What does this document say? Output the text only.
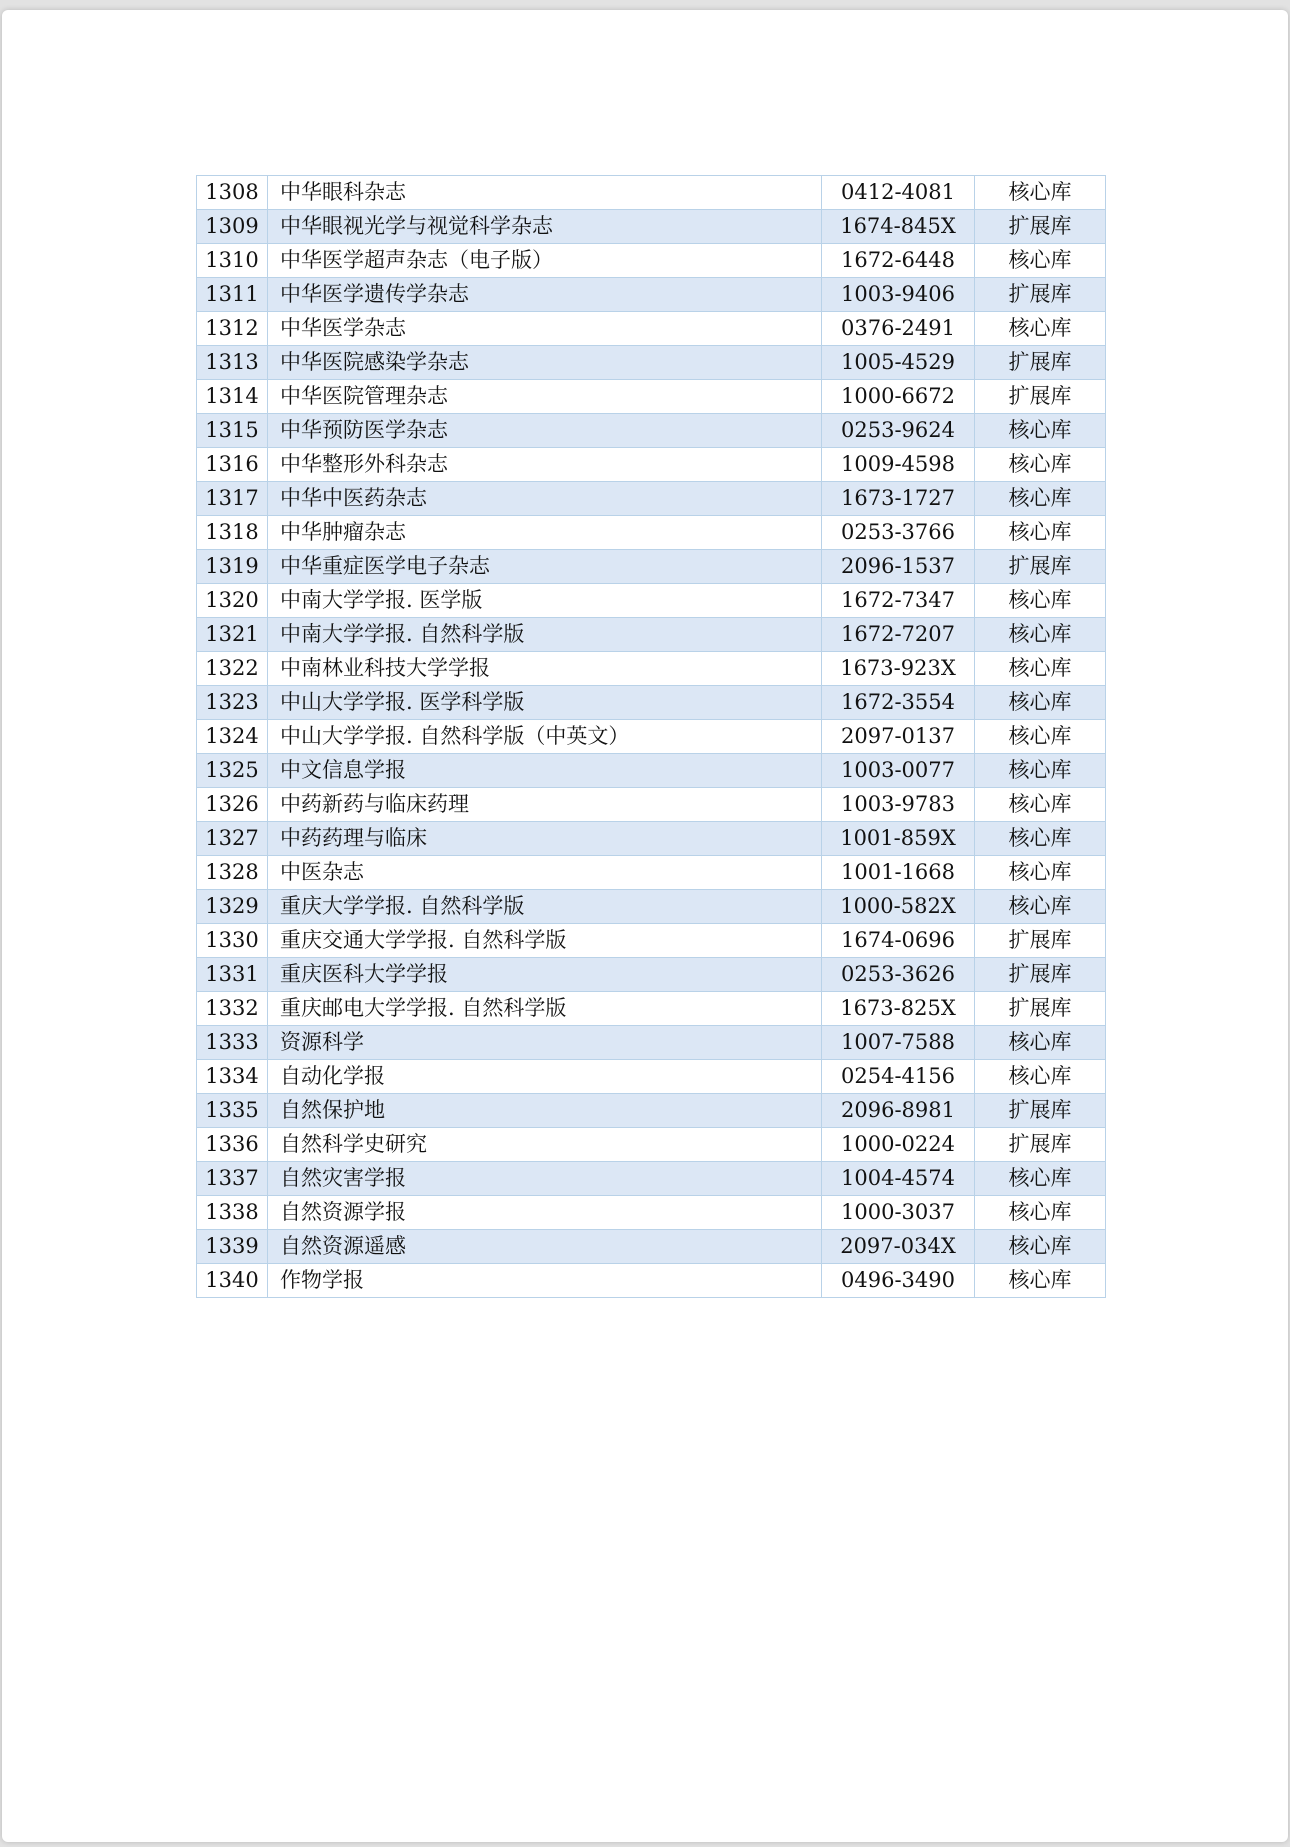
1308	中华眼科杂志	0412-4081	核心库
1309	中华眼视光学与视觉科学杂志	1674-845X	扩展库
1310	中华医学超声杂志（电子版）	1672-6448	核心库
1311	中华医学遗传学杂志	1003-9406	扩展库
1312	中华医学杂志	0376-2491	核心库
1313	中华医院感染学杂志	1005-4529	扩展库
1314	中华医院管理杂志	1000-6672	扩展库
1315	中华预防医学杂志	0253-9624	核心库
1316	中华整形外科杂志	1009-4598	核心库
1317	中华中医药杂志	1673-1727	核心库
1318	中华肿瘤杂志	0253-3766	核心库
1319	中华重症医学电子杂志	2096-1537	扩展库
1320	中南大学学报. 医学版	1672-7347	核心库
1321	中南大学学报. 自然科学版	1672-7207	核心库
1322	中南林业科技大学学报	1673-923X	核心库
1323	中山大学学报. 医学科学版	1672-3554	核心库
1324	中山大学学报. 自然科学版（中英文）	2097-0137	核心库
1325	中文信息学报	1003-0077	核心库
1326	中药新药与临床药理	1003-9783	核心库
1327	中药药理与临床	1001-859X	核心库
1328	中医杂志	1001-1668	核心库
1329	重庆大学学报. 自然科学版	1000-582X	核心库
1330	重庆交通大学学报. 自然科学版	1674-0696	扩展库
1331	重庆医科大学学报	0253-3626	扩展库
1332	重庆邮电大学学报. 自然科学版	1673-825X	扩展库
1333	资源科学	1007-7588	核心库
1334	自动化学报	0254-4156	核心库
1335	自然保护地	2096-8981	扩展库
1336	自然科学史研究	1000-0224	扩展库
1337	自然灾害学报	1004-4574	核心库
1338	自然资源学报	1000-3037	核心库
1339	自然资源遥感	2097-034X	核心库
1340	作物学报	0496-3490	核心库
